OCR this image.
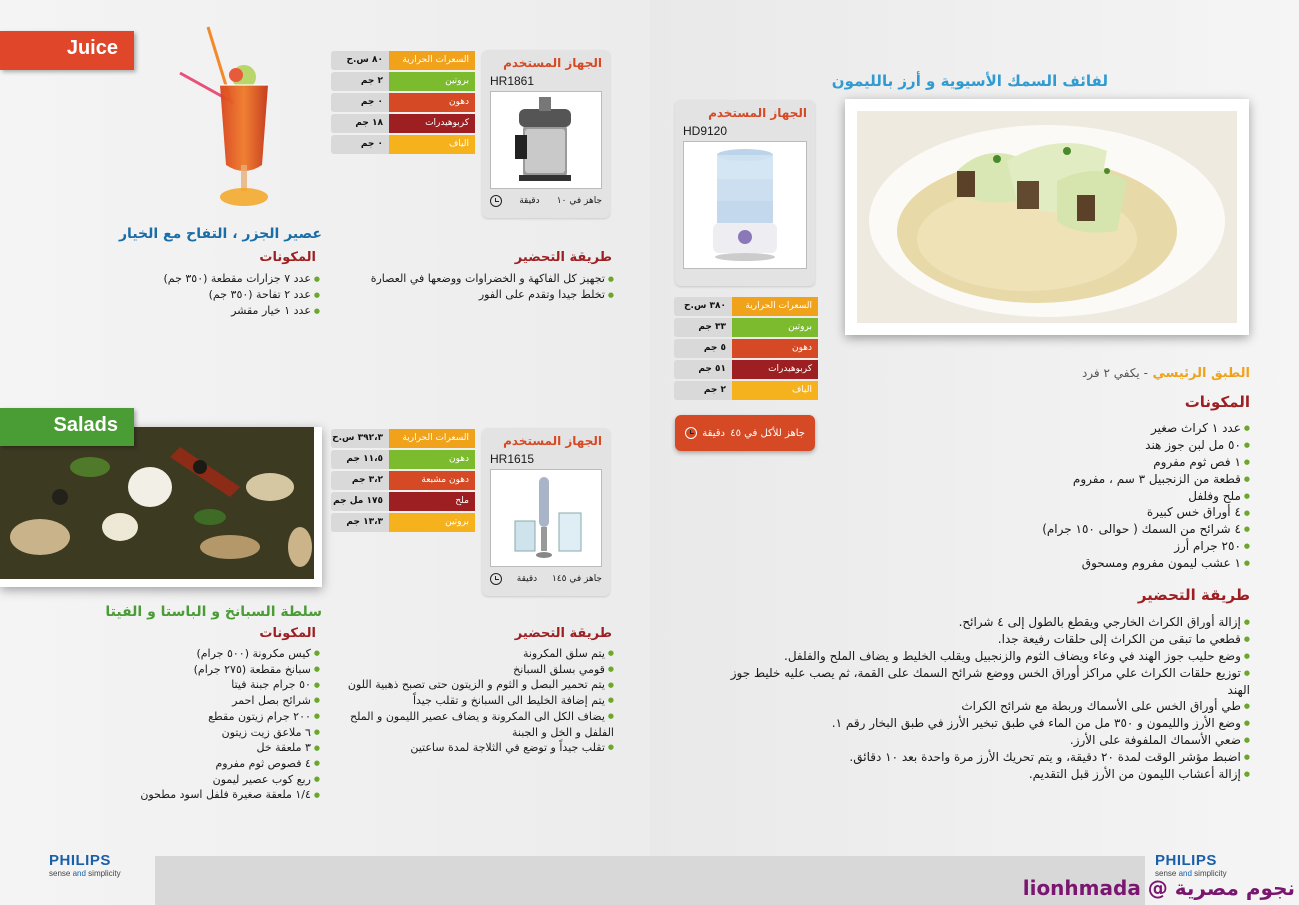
Juice
٨٠ س.ح	السعرات الحرارية
٢ جم	بروتين
٠ جم	دهون
١٨ جم	كربوهيدرات
٠ جم	الياف
الجهاز المستخدم
HR1861
جاهز في ١٠
دقيقة
عصير الجزر ، التفاح مع الخيار
المكونات
● عدد ٧ جزارات مقطعة (٣٥٠ جم)
● عدد ٢ تفاحة (٣٥٠ جم)
● عدد ١ خيار مقشر
طريقة التحضير
● تجهيز كل الفاكهة و الخضراوات ووضعها في العصارة
● تخلط جيدا وتقدم على الفور
Salads
٣٩٢،٣ س.ح	السعرات الحرارية
١١،٥ جم	دهون
٣،٢ جم	دهون مشبعة
١٧٥ مل جم	ملح
١٣،٣ جم	بروتين
الجهاز المستخدم
HR1615
جاهز في ١٤٥
دقيقة
سلطة السبانخ و الباستا و الفيتا
المكونات
● كيس مكرونة (٥٠٠ جرام)
● سبانخ مقطعة (٢٧٥ جرام)
● ٥٠ جرام جبنة فيتا
● شرائح بصل احمر
● ٢٠٠ جرام زيتون مقطع
● ٦ ملاعق زيت زيتون
● ٣ ملعقة خل
● ٤ فصوص ثوم مفروم
● ربع كوب عصير ليمون
● ١/٤ ملعقة صغيرة فلفل اسود مطحون
طريقة التحضير
● يتم سلق المكرونة
● قومي بسلق السبانخ
● يتم تحمير البصل و الثوم و الزيتون حتى تصبح ذهبية اللون
● يتم إضافة الخليط الى السبانخ و تقلب جيداً
● يضاف الكل الى المكرونة و يضاف عصير الليمون و الملح الفلفل و الخل و الجبنة
● تقلب جيداً و توضع في الثلاجة لمدة ساعتين
الجهاز المستخدم
HD9120
٣٨٠ س.ح	السعرات الحرارية
٣٣ جم	بروتين
٥ جم	دهون
٥١ جم	كربوهيدرات
٢ جم	الياف
جاهز للأكل في ٤٥
دقيقة
لفائف السمك الأسيوية و أرز بالليمون
الطبق الرئيسي - يكفي ٢ فرد
المكونات
● عدد ١ كراث صغير
● ٥٠ مل لبن جوز هند
● ١ فص ثوم مفروم
● قطعة من الزنجبيل ٣ سم ، مفروم
● ملح وفلفل
● ٤ أوراق خس كبيرة
● ٤ شرائح من السمك ( حوالى ١٥٠ جرام)
● ٢٥٠ جرام أرز
● ١ عشب ليمون مفروم ومسحوق
طريقة التحضير
● إزالة أوراق الكراث الخارجي ويقطع بالطول إلى ٤ شرائح.
● قطعي ما تبقى من الكراث إلى حلقات رفيعة جدا.
● وضع حليب جوز الهند في وعاء ويضاف الثوم والزنجبيل ويقلب الخليط و يضاف الملح والفلفل.
● توزيع حلقات الكراث علي مراكز أوراق الخس ووضع شرائح السمك على القمة، ثم يصب عليه خليط جوز الهند
● طي أوراق الخس على الأسماك وربطة مع شرائح الكراث
● وضع الأرز والليمون و ٣٥٠ مل من الماء في طبق تبخير الأرز في طبق البخار رقم ١.
● ضعي الأسماك الملفوفة على الأرز.
● اضبط مؤشر الوقت لمدة ٢٠ دقيقة، و يتم تحريك الأرز مرة واحدة بعد ١٠ دقائق.
● إزالة أعشاب الليمون من الأرز قبل التقديم.
PHILIPS
sense and simplicity
PHILIPS
sense and simplicity
نجوم مصرية @ lionhmada
